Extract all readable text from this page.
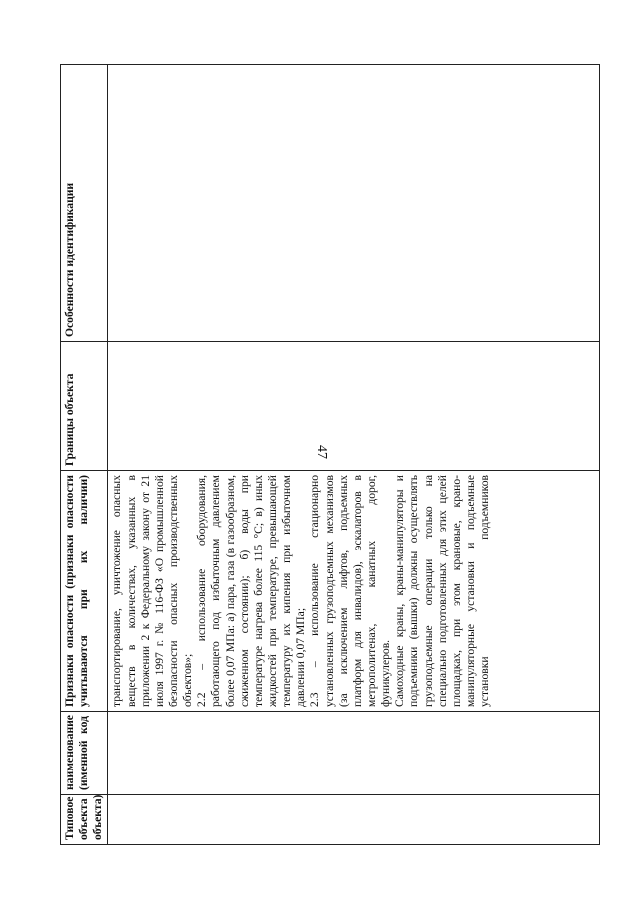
47
Типовое объекта объекта)	наименование (именной код	Признаки опасности (признаки опасности учитываются при их наличии)	Границы объекта	Особенности идентификации

		транспортирование, уничтожение опасных веществ в количествах, указанных в приложении 2 к Федеральному закону от 21 июля 1997 г. № 116-ФЗ «О промышленной безопасности опасных производственных объектов»; 2.2 – использование оборудования, работающего под избыточным давлением более 0,07 МПа: а) пара, газа (в газообразном, сжиженном состоянии); б) воды при температуре нагрева более 115 °С; в) иных жидкостей при температуре, превышающей температуру их кипения при избыточном давлении 0,07 МПа; 2.3 – использование стационарно установленных грузоподъемных механизмов (за исключением лифтов, подъемных платформ для инвалидов), эскалаторов в метрополитенах, канатных дорог, фуникулеров. Самоходные краны, краны-манипуляторы и подъемники (вышки) должны осуществлять грузоподъемные операции только на специально подготовленных для этих целей площадках, при этом крановые, крано-манипуляторные установки и подъемные установки подъемников		
